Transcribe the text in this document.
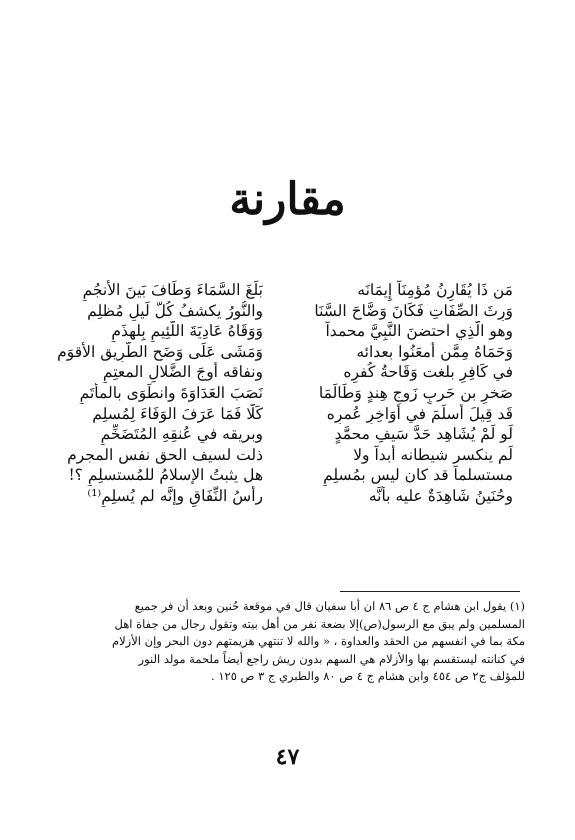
مقارنة
مَن ذَا يُقَارِنُ مُؤمِنَاً إِيمَانَه
وَرِثَ الصِّفَاتِ فَكَانَ وَضَّاحَ السَّنَا
وهو الَّذِي احتضنَ النَّبِيَّ محمداً
وَحَمَاهُ مِمَّن أمعَنُوا بعدائه
في كَافِرٍ بلغت وَقَاحةُ كُفرِه
صَخرٍ بن حَربٍ زَوجِ هِندٍ وَطَالَمَا
قَد قِيلَ أَسلَمَ في أَوَاخِرِ عُمرِه
لَو لَمْ يُشَاهِد حَدَّ سَيفِ محمَّدٍ
لَم ينكسر شيطانه أبداً ولا
مستسلماً قد كان ليس بمُسلِمٍ
وحُنَينُ شَاهِدَةٌ عليه بأَنَّه
بَلَغَ السَّمَاءَ وَطَافَ بَينَ الأَنجُمِ
والنُّورُ يكشفُ كُلَّ لَيلٍ مُظلِمِ
وَوَقَاهُ عَادِيَةَ اللَّئِيمِ بِلهذَمِ
وَمَشَى عَلَى وَضَحِ الطَّرِيقِ الأقوَمِ
ونفاقه أوجَ الضَّلالِ المعتِمِ
نَصَبَ العَدَاوَةَ وانطَوَى بالمأتَمِ
كَلَّا فَمَا عَرَفَ الوَفَاءَ لِمُسلِمِ
وبريقه في عُنقِهِ المُتَضَخِّمِ
ذلت لسيف الحق نفس المجرمِ
هل يثبتُ الإسلامُ للمُستسلِمِ ؟!
رأسُ النِّفَاقِ وإنَّه لم يُسلِمِ⁽¹⁾
(١) يقول ابن هشام ج ٤ ص ٨٦ ان أبا سفيان قال في موقعة حُنين وبعد أن فر جميع
المسلمين ولم يبق مع الرسول(ص)إلا بضعة نفر من أهل بيته وتقول رجال من جفاة اهل
مكة بما في انفسهم من الحقد والعداوة ، « والله لا تنتهي هزيمتهم دون البحر وإن الأزلام
في كنانته ليستقسم بها والأزلام هي السهم بدون ريش راجع أيضاً ملحمة مولد النور
للمؤلف ج٢ ص ٤٥٤ وابن هشام ج ٤ ص ٨٠ والطبري ج ٣ ص ١٢٥ .
٤٧
